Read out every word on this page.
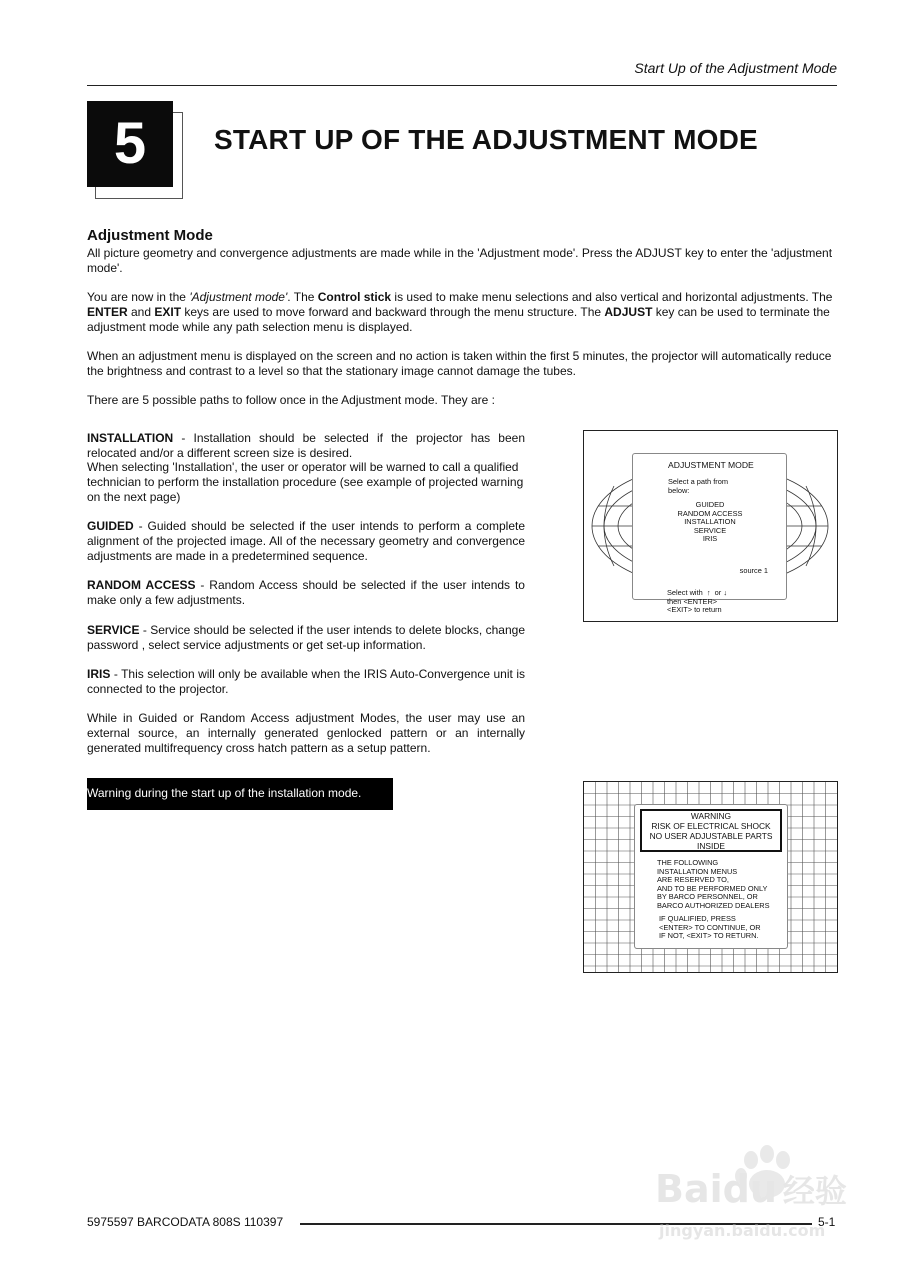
Start Up of the Adjustment Mode
5	START UP OF THE ADJUSTMENT MODE
Adjustment Mode
All picture geometry and convergence adjustments are made while in the 'Adjustment mode'. Press the ADJUST key to enter the 'adjustment mode'.
You are now in the 'Adjustment mode'. The Control stick is used to make menu selections and also vertical and horizontal adjustments. The ENTER and EXIT keys are used to move forward and backward through the menu structure. The ADJUST key can be used to terminate the adjustment mode while any path selection menu is displayed.
When an adjustment menu is displayed on the screen and no action is taken within the first 5 minutes, the projector will automatically reduce the brightness and contrast to a level so that the stationary image cannot damage the tubes.
There are 5 possible paths to follow once in the Adjustment mode. They are :
INSTALLATION - Installation should be selected if the projector has been relocated and/or a different screen size is desired.
When selecting 'Installation', the user or operator will be warned to call a qualified technician to perform the installation procedure (see example of projected warning on the next page)
GUIDED - Guided should be selected if the user intends to perform a complete alignment of the projected image. All of the necessary geometry and convergence adjustments are made in a predetermined sequence.
RANDOM ACCESS - Random Access should be selected if the user intends to make only a few adjustments.
SERVICE - Service should be selected if the user intends to delete blocks, change password , select service adjustments or get set-up information.
IRIS - This selection will only be available when the IRIS Auto-Convergence unit is connected to the projector.
While in Guided or Random Access adjustment Modes, the user may use an external source, an internally generated genlocked pattern or an internally generated multifrequency cross hatch pattern as a setup pattern.
Warning during the start up of the installation mode.
ADJUSTMENT MODE
Select a path from
below:
GUIDED
RANDOM ACCESS
INSTALLATION
SERVICE
IRIS
source 1
Select with ↑ or ↓
then <ENTER>
<EXIT> to return
WARNING
RISK OF ELECTRICAL SHOCK
NO USER ADJUSTABLE PARTS
INSIDE
THE FOLLOWING
INSTALLATION MENUS
ARE RESERVED TO,
AND TO BE PERFORMED ONLY
BY BARCO PERSONNEL, OR
BARCO AUTHORIZED DEALERS
IF QUALIFIED, PRESS
<ENTER> TO CONTINUE, OR
IF NOT, <EXIT> TO RETURN.
5975597 BARCODATA 808S 110397	5-1
Baidu 经验
jingyan.baidu.com
